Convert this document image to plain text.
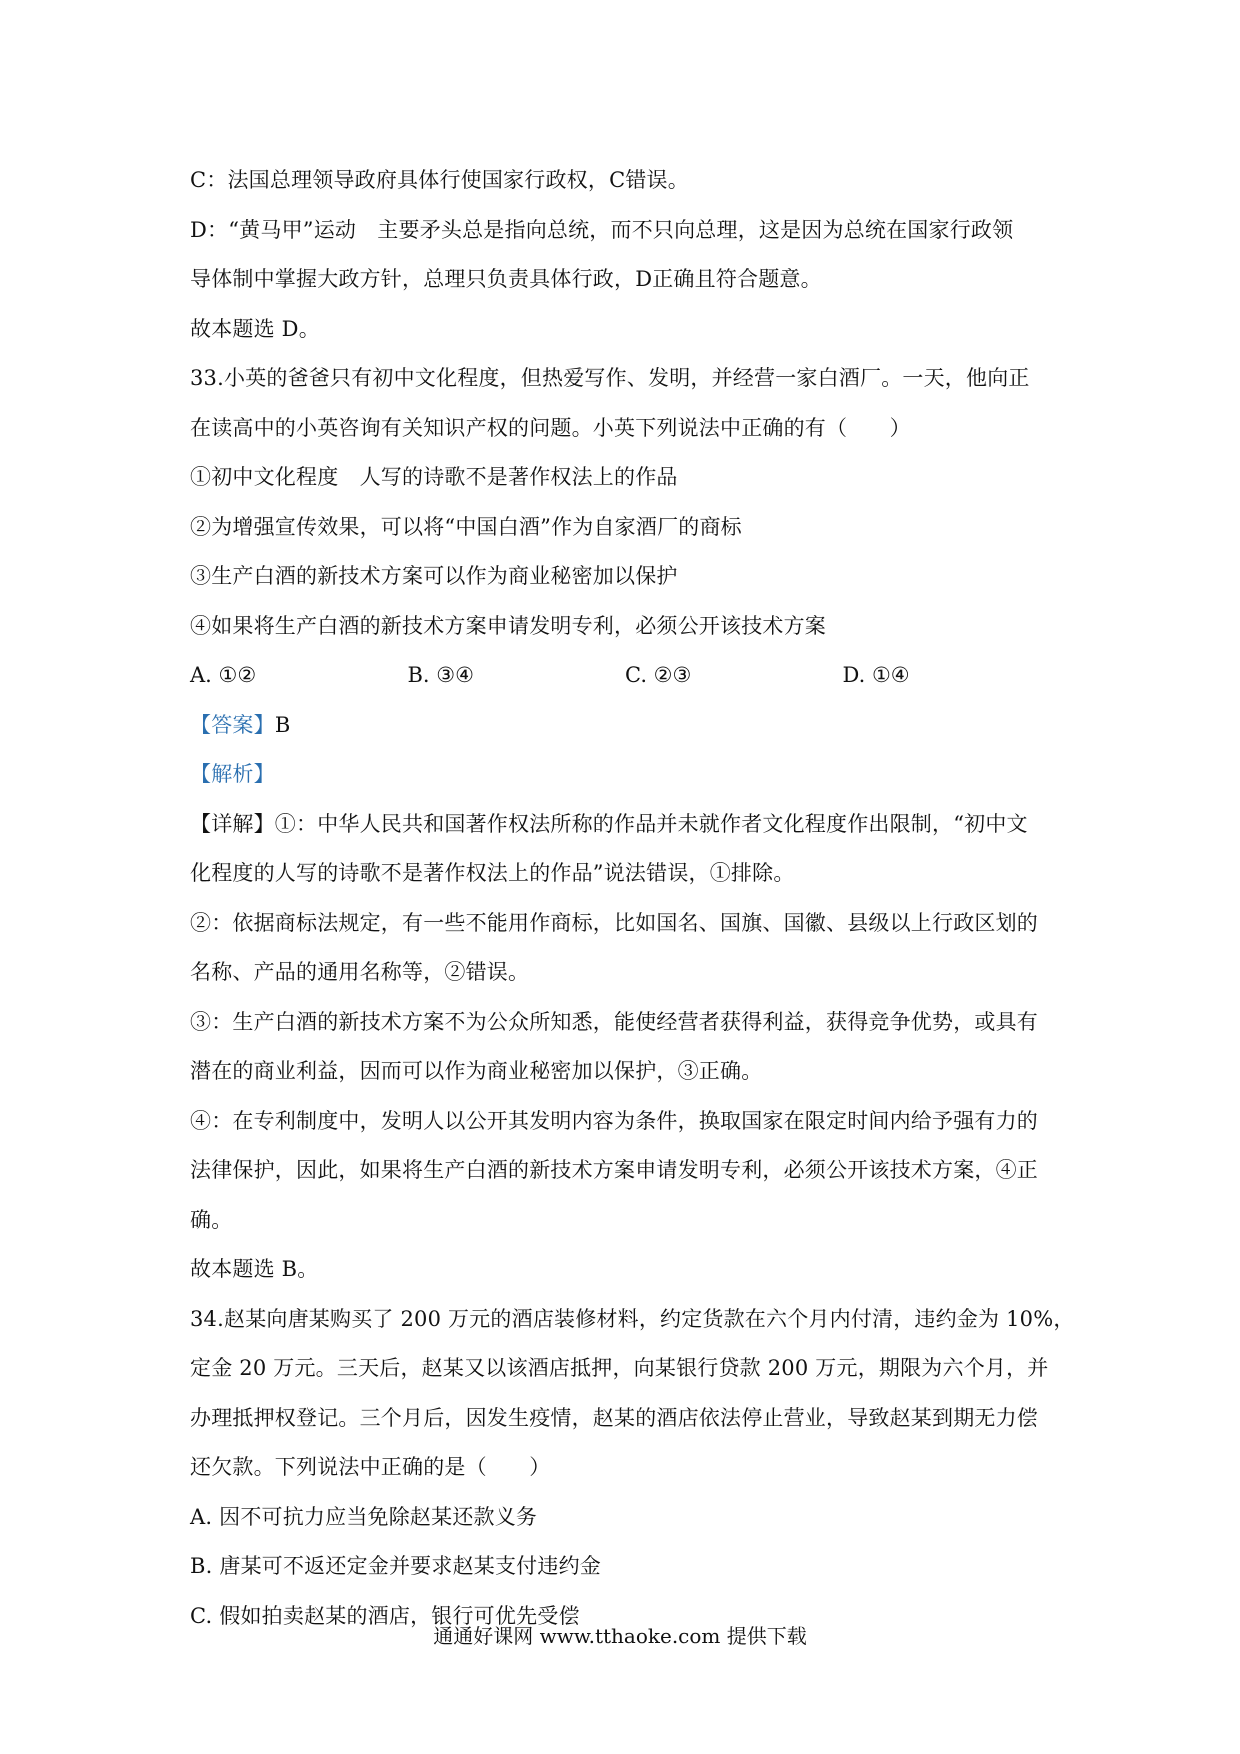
C：法国总理领导政府具体行使国家行政权，C错误。
D：“黄马甲”运动　主要矛头总是指向总统，而不只向总理，这是因为总统在国家行政领
导体制中掌握大政方针，总理只负责具体行政，D正确且符合题意。
故本题选 D。
33.小英的爸爸只有初中文化程度，但热爱写作、发明，并经营一家白酒厂。一天，他向正
在读高中的小英咨询有关知识产权的问题。小英下列说法中正确的有（　　）
①初中文化程度　人写的诗歌不是著作权法上的作品
②为增强宣传效果，可以将“中国白酒”作为自家酒厂的商标
③生产白酒的新技术方案可以作为商业秘密加以保护
④如果将生产白酒的新技术方案申请发明专利，必须公开该技术方案
A. ①②	B. ③④	C. ②③	D. ①④
【答案】B
【解析】
【详解】①：中华人民共和国著作权法所称的作品并未就作者文化程度作出限制，“初中文
化程度的人写的诗歌不是著作权法上的作品”说法错误，①排除。
②：依据商标法规定，有一些不能用作商标，比如国名、国旗、国徽、县级以上行政区划的
名称、产品的通用名称等，②错误。
③：生产白酒的新技术方案不为公众所知悉，能使经营者获得利益，获得竞争优势，或具有
潜在的商业利益，因而可以作为商业秘密加以保护，③正确。
④：在专利制度中，发明人以公开其发明内容为条件，换取国家在限定时间内给予强有力的
法律保护，因此，如果将生产白酒的新技术方案申请发明专利，必须公开该技术方案，④正
确。
故本题选 B。
34.赵某向唐某购买了 200 万元的酒店装修材料，约定货款在六个月内付清，违约金为 10%，
定金 20 万元。三天后，赵某又以该酒店抵押，向某银行贷款 200 万元，期限为六个月，并
办理抵押权登记。三个月后，因发生疫情，赵某的酒店依法停止营业，导致赵某到期无力偿
还欠款。下列说法中正确的是（　　）
A. 因不可抗力应当免除赵某还款义务
B. 唐某可不返还定金并要求赵某支付违约金
C. 假如拍卖赵某的酒店，银行可优先受偿
通通好课网 www.tthaoke.com 提供下载
